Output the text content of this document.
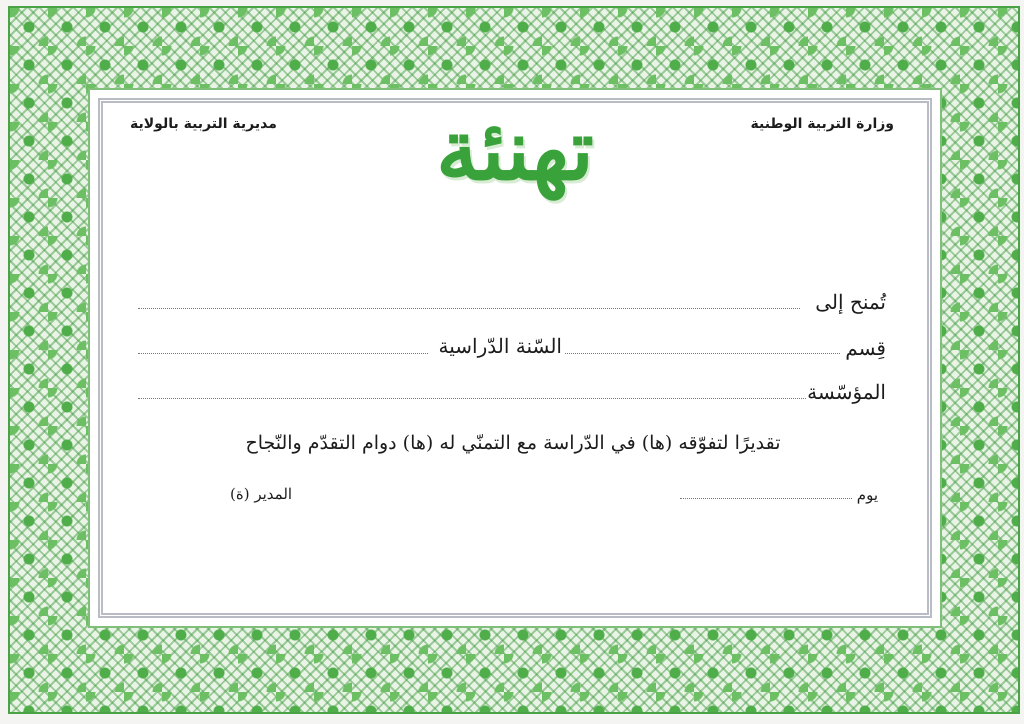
وزارة التربية الوطنية
مديرية التربية بالولاية	تهنئة
تُمنح إلى
قِسم
السّنة الدّراسية
المؤسّسة
تقديرًا لتفوّقه (ها) في الدّراسة مع التمنّي له (ها) دوام التقدّم والنّجاح
يوم
المدير (ة)
